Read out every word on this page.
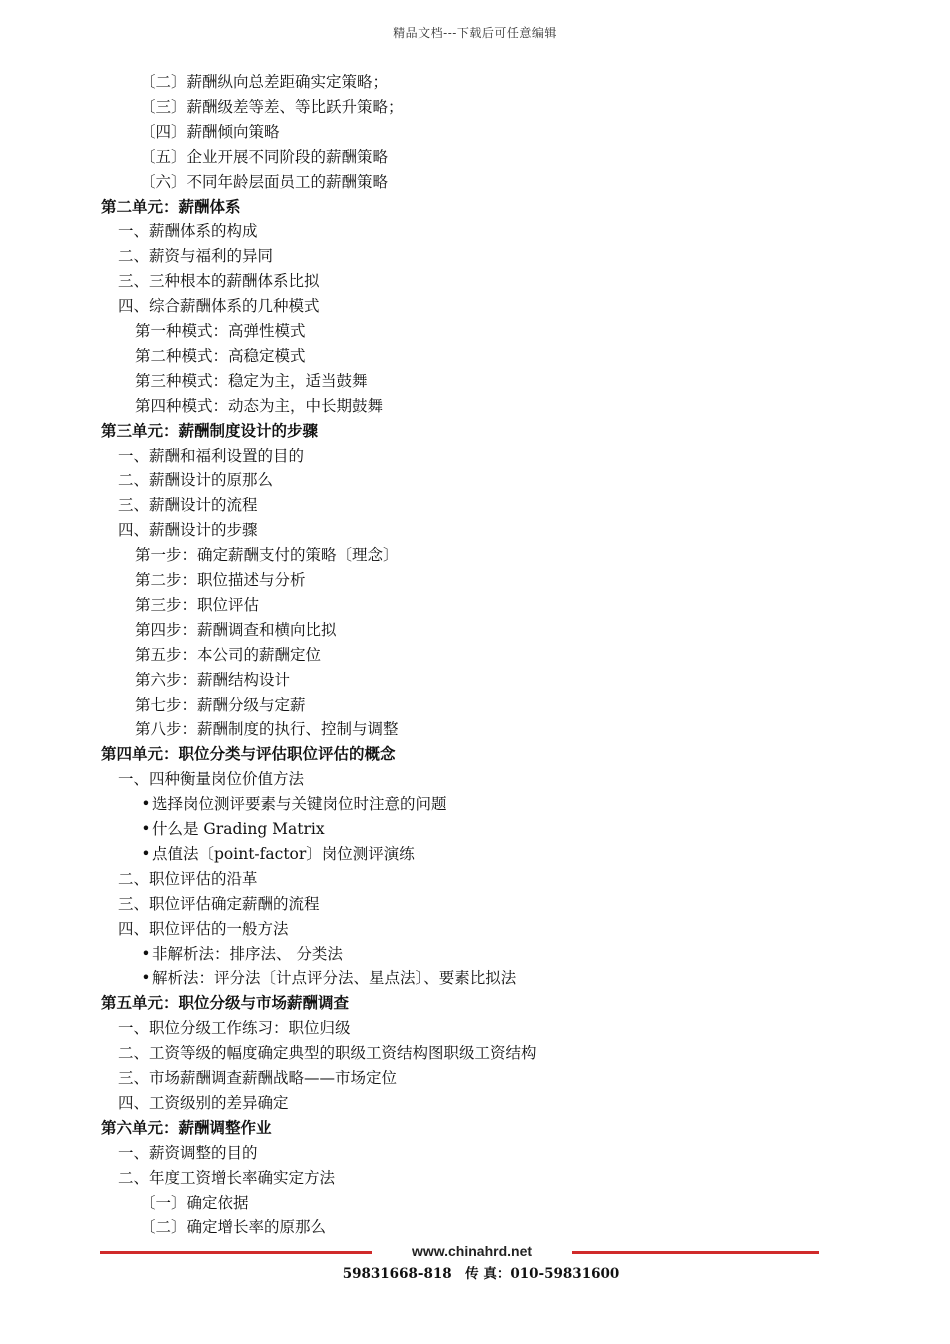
精品文档---下载后可任意编辑
〔二〕薪酬纵向总差距确实定策略；
〔三〕薪酬级差等差、等比跃升策略；
〔四〕薪酬倾向策略
〔五〕企业开展不同阶段的薪酬策略
〔六〕不同年龄层面员工的薪酬策略
第二单元：薪酬体系
一、薪酬体系的构成
二、薪资与福利的异同
三、三种根本的薪酬体系比拟
四、综合薪酬体系的几种模式
第一种模式：高弹性模式
第二种模式：高稳定模式
第三种模式：稳定为主，适当鼓舞
第四种模式：动态为主，中长期鼓舞
第三单元：薪酬制度设计的步骤
一、薪酬和福利设置的目的
二、薪酬设计的原那么
三、薪酬设计的流程
四、薪酬设计的步骤
第一步：确定薪酬支付的策略〔理念〕
第二步：职位描述与分析
第三步：职位评估
第四步：薪酬调查和横向比拟
第五步：本公司的薪酬定位
第六步：薪酬结构设计
第七步：薪酬分级与定薪
第八步：薪酬制度的执行、控制与调整
第四单元：职位分类与评估职位评估的概念
一、四种衡量岗位价值方法
•选择岗位测评要素与关键岗位时注意的问题
•什么是 Grading Matrix
•点值法〔point-factor〕岗位测评演练
二、职位评估的沿革
三、职位评估确定薪酬的流程
四、职位评估的一般方法
•非解析法：排序法、 分类法
•解析法：评分法〔计点评分法、星点法〕、要素比拟法
第五单元：职位分级与市场薪酬调查
一、职位分级工作练习：职位归级
二、工资等级的幅度确定典型的职级工资结构图职级工资结构
三、市场薪酬调查薪酬战略——市场定位
四、工资级别的差异确定
第六单元：薪酬调整作业
一、薪资调整的目的
二、年度工资增长率确实定方法
〔一〕确定依据
〔二〕确定增长率的原那么
www.chinahrd.net
59831668-818　传 真：010-59831600
